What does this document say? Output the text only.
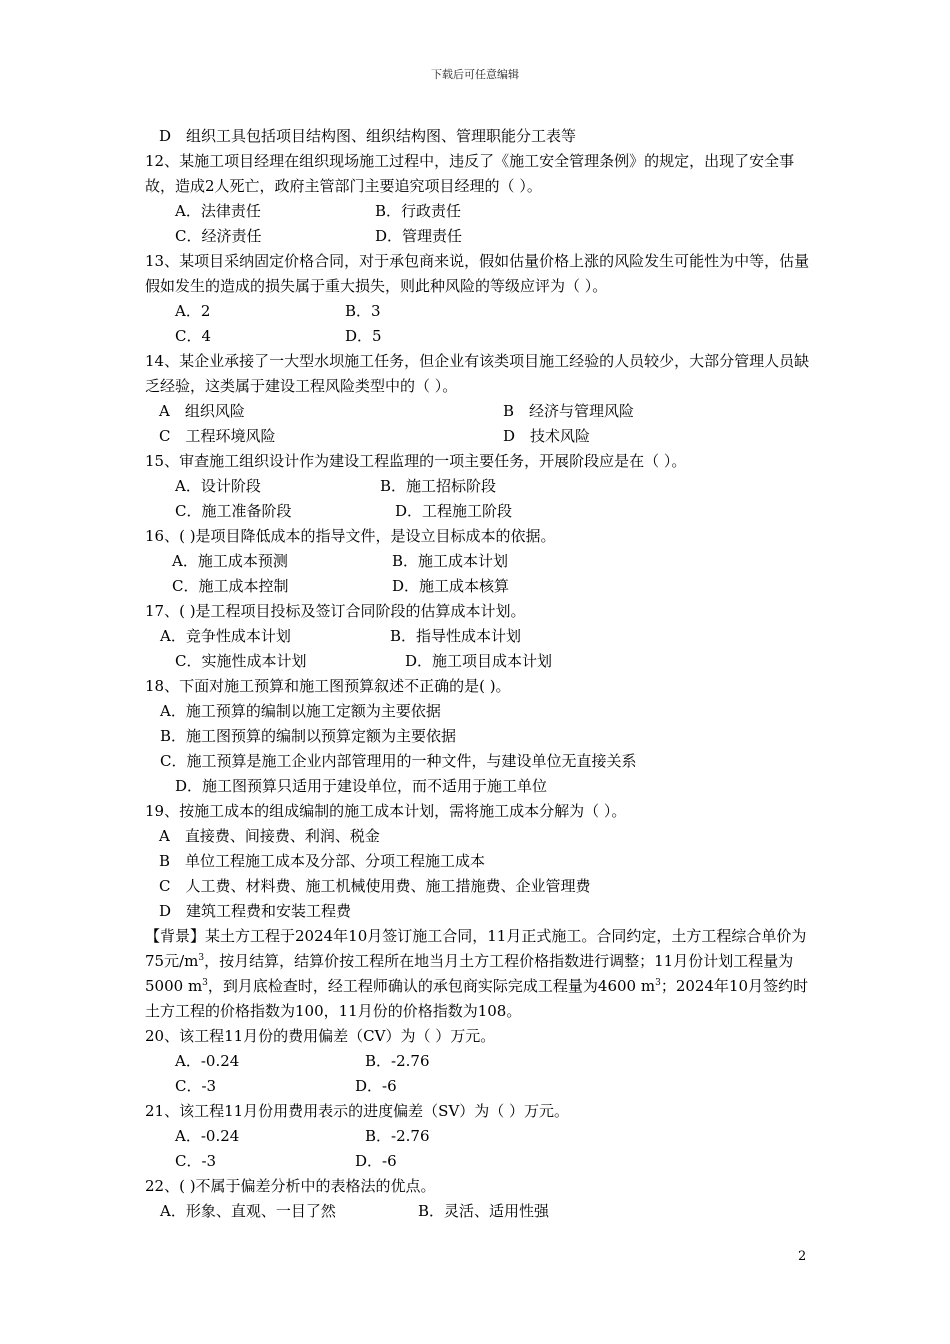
下载后可任意编辑
D　组织工具包括项目结构图、组织结构图、管理职能分工表等
12、某施工项目经理在组织现场施工过程中，违反了《施工安全管理条例》的规定，出现了安全事故，造成2人死亡，政府主管部门主要追究项目经理的（ ）。
A．法律责任	B．行政责任
C．经济责任	D．管理责任
13、某项目采纳固定价格合同，对于承包商来说，假如估量价格上涨的风险发生可能性为中等，估量假如发生的造成的损失属于重大损失，则此种风险的等级应评为（ ）。
A．2	B．3
C．4	D．5
14、某企业承接了一大型水坝施工任务，但企业有该类项目施工经验的人员较少，大部分管理人员缺乏经验，这类属于建设工程风险类型中的（ ）。
A　组织风险	B　经济与管理风险
C　工程环境风险	D　技术风险
15、审查施工组织设计作为建设工程监理的一项主要任务，开展阶段应是在（ ）。
A．设计阶段	B．施工招标阶段
C．施工准备阶段	D．工程施工阶段
16、( )是项目降低成本的指导文件，是设立目标成本的依据。
A．施工成本预测	B．施工成本计划
C．施工成本控制	D．施工成本核算
17、( )是工程项目投标及签订合同阶段的估算成本计划。
A．竞争性成本计划	B．指导性成本计划
C．实施性成本计划	D．施工项目成本计划
18、下面对施工预算和施工图预算叙述不正确的是( )。
A．施工预算的编制以施工定额为主要依据
B．施工图预算的编制以预算定额为主要依据
C．施工预算是施工企业内部管理用的一种文件，与建设单位无直接关系
D．施工图预算只适用于建设单位，而不适用于施工单位
19、按施工成本的组成编制的施工成本计划，需将施工成本分解为（ ）。
A　直接费、间接费、利润、税金
B　单位工程施工成本及分部、分项工程施工成本
C　人工费、材料费、施工机械使用费、施工措施费、企业管理费
D　建筑工程费和安装工程费
【背景】某土方工程于2024年10月签订施工合同，11月正式施工。合同约定，土方工程综合单价为75元$/m^3$，按月结算，结算价按工程所在地当月土方工程价格指数进行调整；11月份计划工程量为5000 $m^3$，到月底检查时，经工程师确认的承包商实际完成工程量为4600 $m^3$；2024年10月签约时土方工程的价格指数为100，11月份的价格指数为108。
20、该工程11月份的费用偏差（CV）为（ ）万元。
A．-0.24	B．-2.76
C．-3	D．-6
21、该工程11月份用费用表示的进度偏差（SV）为（ ）万元。
A．-0.24	B．-2.76
C．-3	D．-6
22、( )不属于偏差分析中的表格法的优点。
A．形象、直观、一目了然	B．灵活、适用性强
2
